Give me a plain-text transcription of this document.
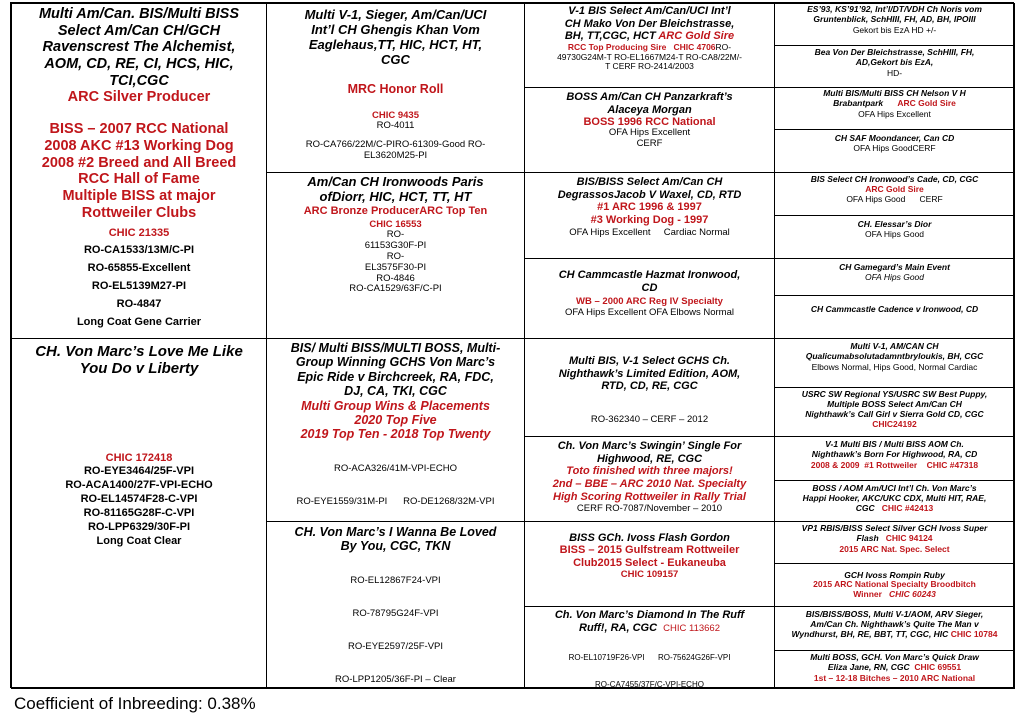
Multi Am/Can. BIS/Multi BISS
Select Am/Can CH/GCH
Ravenscrest The Alchemist,
AOM, CD, RE, CI, HCS, HIC,
TCI,CGC
ARC Silver Producer
BISS – 2007 RCC National
2008 AKC #13 Working Dog
2008 #2 Breed and All Breed
RCC Hall of Fame
Multiple BISS at major
Rottweiler Clubs
CHIC 21335
RO-CA1533/13M/C-PI
RO-65855-Excellent
RO-EL5139M27-PI
RO-4847
Long Coat Gene Carrier
CH. Von Marc’s Love Me Like
You Do v Liberty
CHIC 172418
RO-EYE3464/25F-VPI
RO-ACA1400/27F-VPI-ECHO
RO-EL14574F28-C-VPI
RO-81165G28F-C-VPI
RO-LPP6329/30F-PI
Long Coat Clear
Multi V-1, Sieger, Am/Can/UCI
Int’l CH Ghengis Khan Vom
Eaglehaus,TT, HIC, HCT, HT,
CGC
MRC Honor Roll
CHIC 9435
RO-4011
RO-CA766/22M/C-PIRO-61309-Good RO-
EL3620M25-PI
Am/Can CH Ironwoods Paris
ofDiorr, HIC, HCT, TT, HT
ARC Bronze ProducerARC Top Ten
CHIC 16553
RO-
61153G30F-PI
RO-
EL3575F30-PI
RO-4846
RO-CA1529/63F/C-PI
BIS/ Multi BISS/MULTI BOSS, Multi-
Group Winning GCHS Von Marc’s
Epic Ride v Birchcreek, RA, FDC,
DJ, CA, TKI, CGC
Multi Group Wins & Placements
2020 Top Five
2019 Top Ten - 2018 Top Twenty

RO-ACA326/41M-VPI-ECHO

RO-EYE1559/31M-PI      RO-DE1268/32M-VPI

CH. Von Marc’s I Wanna Be Loved
By You, CGC, TKN

RO-EL12867F24-VPI

RO-78795G24F-VPI

RO-EYE2597/25F-VPI

RO-LPP1205/36F-PI – Clear

V-1 BIS Select Am/Can/UCI Int’l
CH Mako Von Der Bleichstrasse,
BH, TT,CGC, HCT ARC Gold Sire
RCC Top Producing Sire CHIC 4706RO-
49730G24M-T RO-EL1667M24-T RO-CA8/22M/-
T CERF RO-2414/2003
BOSS Am/Can CH Panzarkraft’s
Alaceya Morgan
BOSS 1996 RCC National
OFA Hips Excellent
CERF
BIS/BISS Select Am/Can CH
DegrassosJacob V Waxel, CD, RTD
#1 ARC 1996 & 1997
#3 Working Dog - 1997
OFA Hips Excellent     Cardiac Normal
CH Cammcastle Hazmat Ironwood,
CD
WB – 2000 ARC Reg IV Specialty
OFA Hips Excellent OFA Elbows Normal
Multi BIS, V-1 Select GCHS Ch.
Nighthawk’s Limited Edition, AOM,
RTD, CD, RE, CGC

RO-362340 – CERF – 2012

Ch. Von Marc’s Swingin’ Single For
Highwood, RE, CGC
Toto finished with three majors!
2nd – BBE – ARC 2010 Nat. Specialty
High Scoring Rottweiler in Rally Trial
CERF RO-7087/November – 2010
BISS GCh. Ivoss Flash Gordon
BISS – 2015 Gulfstream Rottweiler
Club2015 Select - Eukaneuba
CHIC 109157
Ch. Von Marc’s Diamond In The Ruff
Ruff!, RA, CGC CHIC 113662

RO-EL10719F26-VPI      RO-75624G26F-VPI

RO-CA7455/37F/C-VPI-ECHO

ES’93, KS’91’92, Int’l/DT/VDH Ch Noris vom
Gruntenblick, SchHIII, FH, AD, BH, IPOIII
Gekort bis EzA HD +/-
Bea Von Der Bleichstrasse, SchHIII, FH,
AD,Gekort bis EzA,
HD-
Multi BIS/Multi BISS CH Nelson V H
Brabantpark ARC Gold Sire
OFA Hips Excellent
CH SAF Moondancer, Can CD
OFA Hips GoodCERF
BIS Select CH Ironwood’s Cade, CD, CGC
ARC Gold Sire
OFA Hips Good      CERF
CH. Elessar’s Dior
OFA Hips Good
CH Gamegard’s Main Event
OFA Hips Good
CH Cammcastle Cadence v Ironwood, CD
Multi V-1, AM/CAN CH
Qualicumabsolutadamntbryloukis, BH, CGC
Elbows Normal, Hips Good, Normal Cardiac
USRC SW Regional YS/USRC SW Best Puppy,
Multiple BOSS Select Am/Can CH
Nighthawk’s Call Girl v Sierra Gold CD, CGC
CHIC24192
V-1 Multi BIS / Multi BISS AOM Ch.
Nighthawk’s Born For Highwood, RA, CD
2008 & 2009  #1 Rottweiler    CHIC #47318
BOSS / AOM Am/UCI Int’l Ch. Von Marc’s
Happi Hooker, AKC/UKC CDX, Multi HIT, RAE,
CGC CHIC #42413
VP1 RBIS/BISS Select Silver GCH Ivoss Super
Flash CHIC 94124
2015 ARC Nat. Spec. Select
GCH Ivoss Rompin Ruby
2015 ARC National Specialty Broodbitch
Winner CHIC 60243
BIS/BISS/BOSS, Multi V-1/AOM, ARV Sieger,
Am/Can Ch. Nighthawk’s Quite The Man v
Wyndhurst, BH, RE, BBT, TT, CGC, HIC CHIC 10784
Multi BOSS, GCH. Von Marc’s Quick Draw
Eliza Jane, RN, CGC CHIC 69551
1st – 12-18 Bitches – 2010 ARC National
Coefficient of Inbreeding: 0.38%
